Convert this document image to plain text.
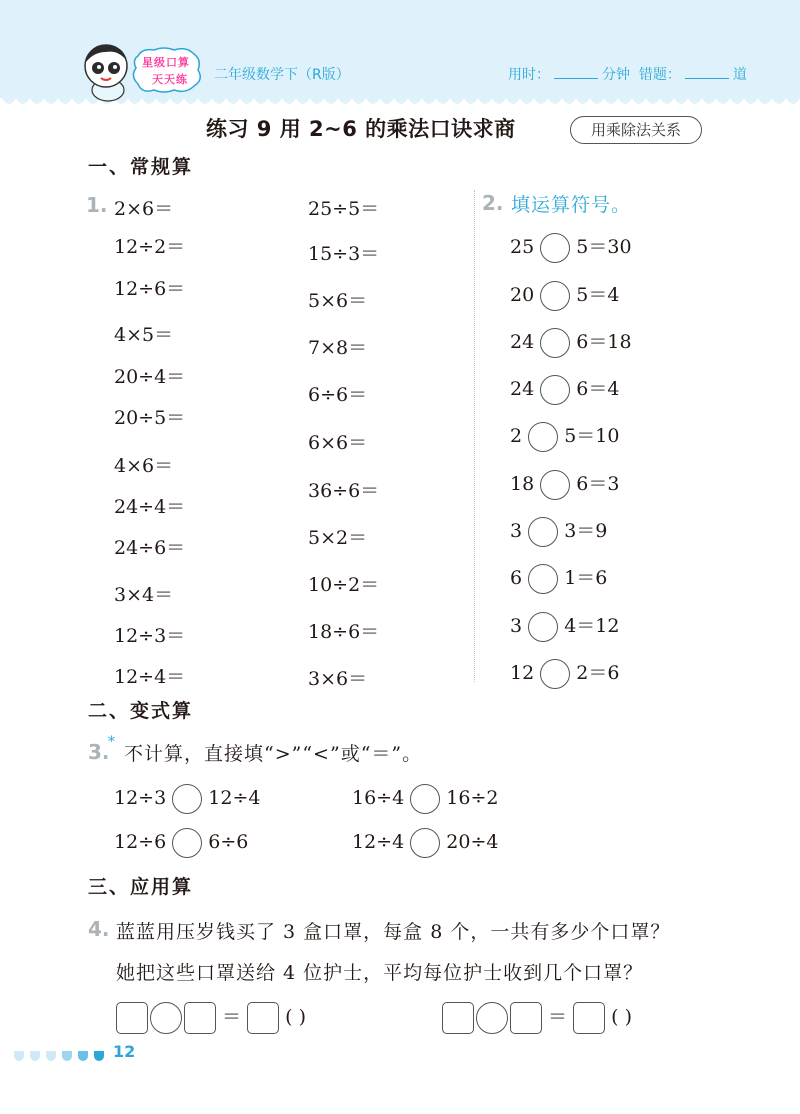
星级口算
天天练 二年级数学下（R版）	用时：	分钟 错题：	道
练习 9 用 2~6 的乘法口诀求商	用乘除法关系
一、常规算
1. 2×6＝
12÷2＝
12÷6＝
4×5＝
20÷4＝
20÷5＝
4×6＝
24÷4＝
24÷6＝
3×4＝
12÷3＝
12÷4＝
25÷5＝
15÷3＝
5×6＝
7×8＝
6÷6＝
6×6＝
36÷6＝
5×2＝
10÷2＝
18÷6＝
3×6＝
2. 填运算符号。
25 5＝30
20 5＝4
24 6＝18
24 6＝4
2 5＝10
18 6＝3
3 3＝9
6 1＝6
3 4＝12
12 2＝6
二、变式算
3.
*
不计算，直接填“>”“<”或“＝”。
12÷3 12÷4	16÷4 16÷2
12÷6 6÷6	12÷4 20÷4
三、应用算
4. 蓝蓝用压岁钱买了 3 盒口罩，每盒 8 个，一共有多少个口罩？
她把这些口罩送给 4 位护士，平均每位护士收到几个口罩？
＝ ( )	＝ ( )
12
